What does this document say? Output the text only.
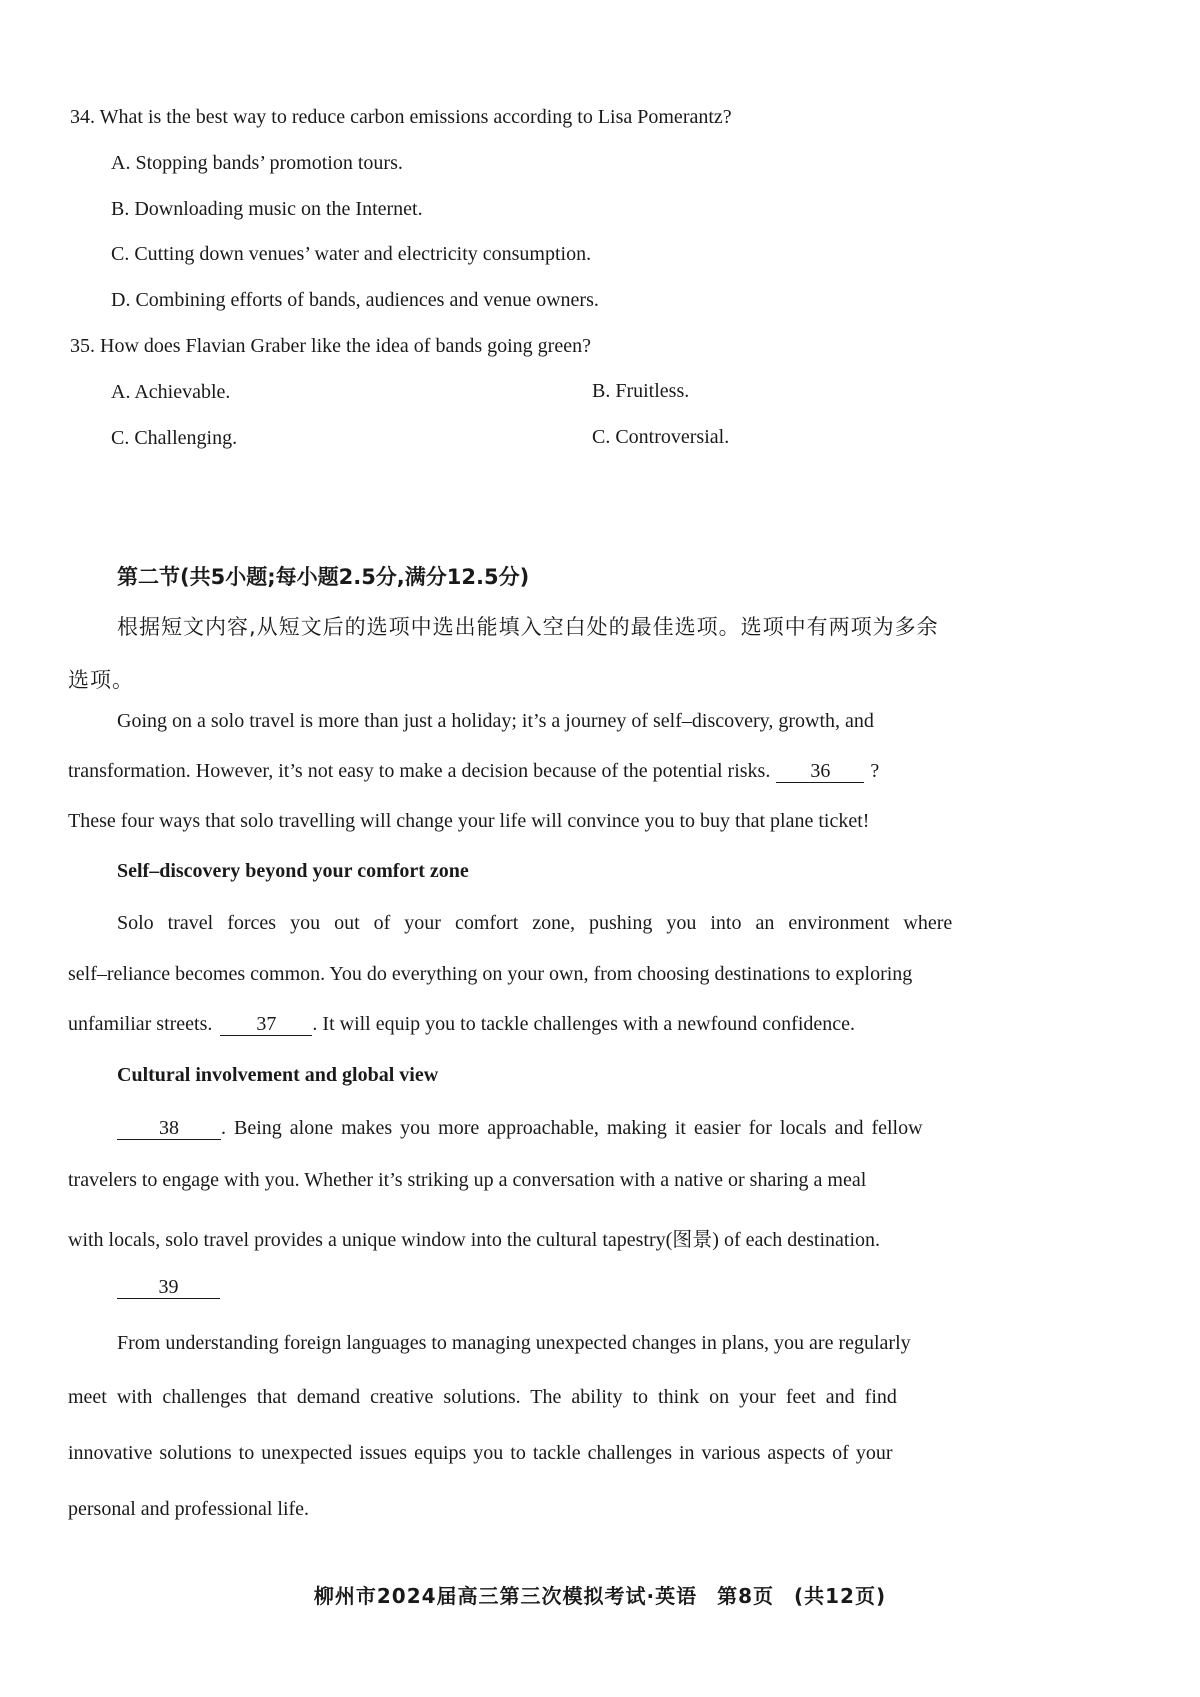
34. What is the best way to reduce carbon emissions according to Lisa Pomerantz?
A. Stopping bands’ promotion tours.
B. Downloading music on the Internet.
C. Cutting down venues’ water and electricity consumption.
D. Combining efforts of bands, audiences and venue owners.
35. How does Flavian Graber like the idea of bands going green?
A. Achievable.	B. Fruitless.
C. Challenging.	C. Controversial.
第二节(共5小题;每小题2.5分,满分12.5分)
根据短文内容,从短文后的选项中选出能填入空白处的最佳选项。选项中有两项为多余
选项。
Going on a solo travel is more than just a holiday; it’s a journey of self–discovery, growth, and
transformation. However, it’s not easy to make a decision because of the potential risks.	36	?
These four ways that solo travelling will change your life will convince you to buy that plane ticket!
Self–discovery beyond your comfort zone
Solo travel forces you out of your comfort zone, pushing you into an environment where
self–reliance becomes common. You do everything on your own, from choosing destinations to exploring
unfamiliar streets.	37	. It will equip you to tackle challenges with a newfound confidence.
Cultural involvement and global view
38	. Being alone makes you more approachable, making it easier for locals and fellow
travelers to engage with you. Whether it’s striking up a conversation with a native or sharing a meal
with locals, solo travel provides a unique window into the cultural tapestry(图景) of each destination.
39
From understanding foreign languages to managing unexpected changes in plans, you are regularly
meet with challenges that demand creative solutions. The ability to think on your feet and find
innovative solutions to unexpected issues equips you to tackle challenges in various aspects of your
personal and professional life.
柳州市2024届高三第三次模拟考试·英语 第8页 (共12页)
